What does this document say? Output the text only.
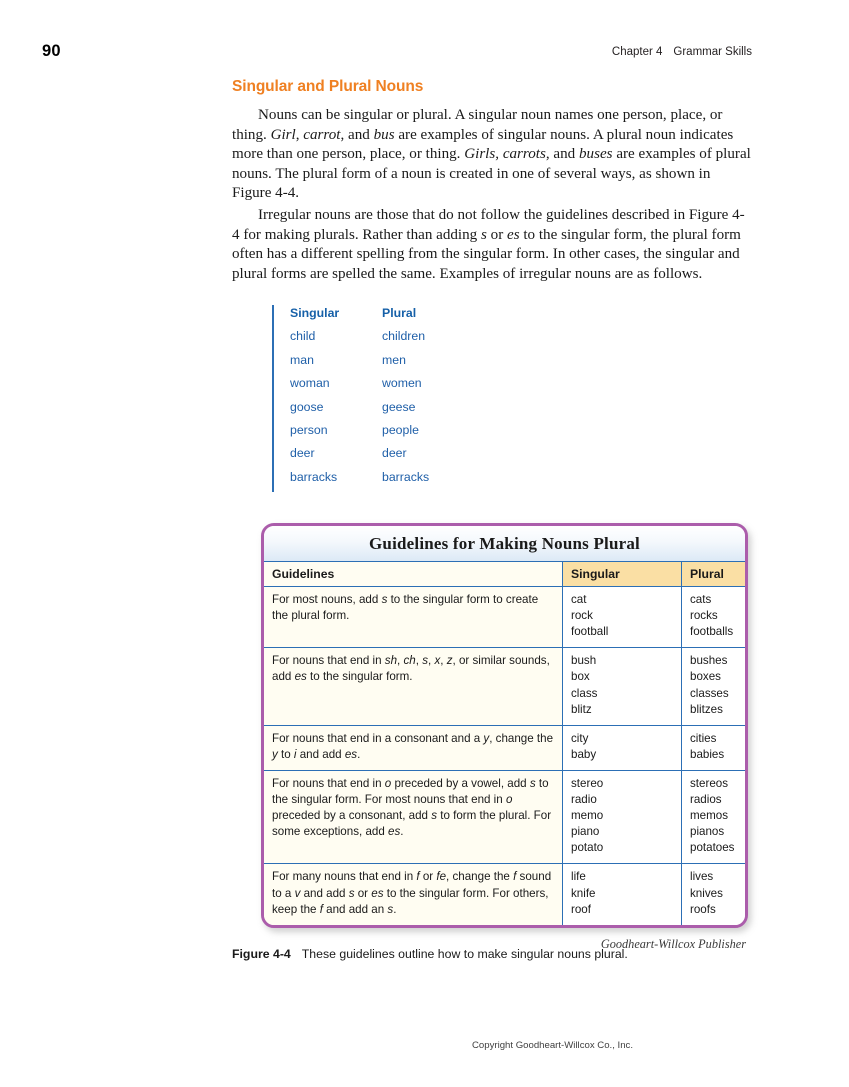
90	Chapter 4 Grammar Skills
Singular and Plural Nouns

Nouns can be singular or plural. A singular noun names one person, place, or thing. Girl, carrot, and bus are examples of singular nouns. A plural noun indicates more than one person, place, or thing. Girls, carrots, and buses are examples of plural nouns. The plural form of a noun is created in one of several ways, as shown in Figure 4-4.

Irregular nouns are those that do not follow the guidelines described in Figure 4-4 for making plurals. Rather than adding s or es to the singular form, the plural form often has a different spelling from the singular form. In other cases, the singular and plural forms are spelled the same. Examples of irregular nouns are as follows.

Singular	Plural
child	children
man	men
woman	women
goose	geese
person	people
deer	deer
barracks	barracks
Guidelines for Making Nouns Plural
Guidelines	Singular	Plural
For most nouns, add s to the singular form to create the plural form.	cat
rock
football	cats
rocks
footballs

For nouns that end in sh, ch, s, x, z, or similar sounds, add es to the singular form.	bush
box
class
blitz	bushes
boxes
classes
blitzes

For nouns that end in a consonant and a y, change the y to i and add es.	city
baby	cities
babies

For nouns that end in o preceded by a vowel, add s to the singular form. For most nouns that end in o preceded by a consonant, add s to form the plural. For some exceptions, add es.	stereo
radio
memo
piano
potato	stereos
radios
memos
pianos
potatoes

For many nouns that end in f or fe, change the f sound to a v and add s or es to the singular form. For others, keep the f and add an s.	life
knife
roof	lives
knives
roofs
Goodheart-Willcox Publisher
Figure 4-4 These guidelines outline how to make singular nouns plural.
Copyright Goodheart-Willcox Co., Inc.
